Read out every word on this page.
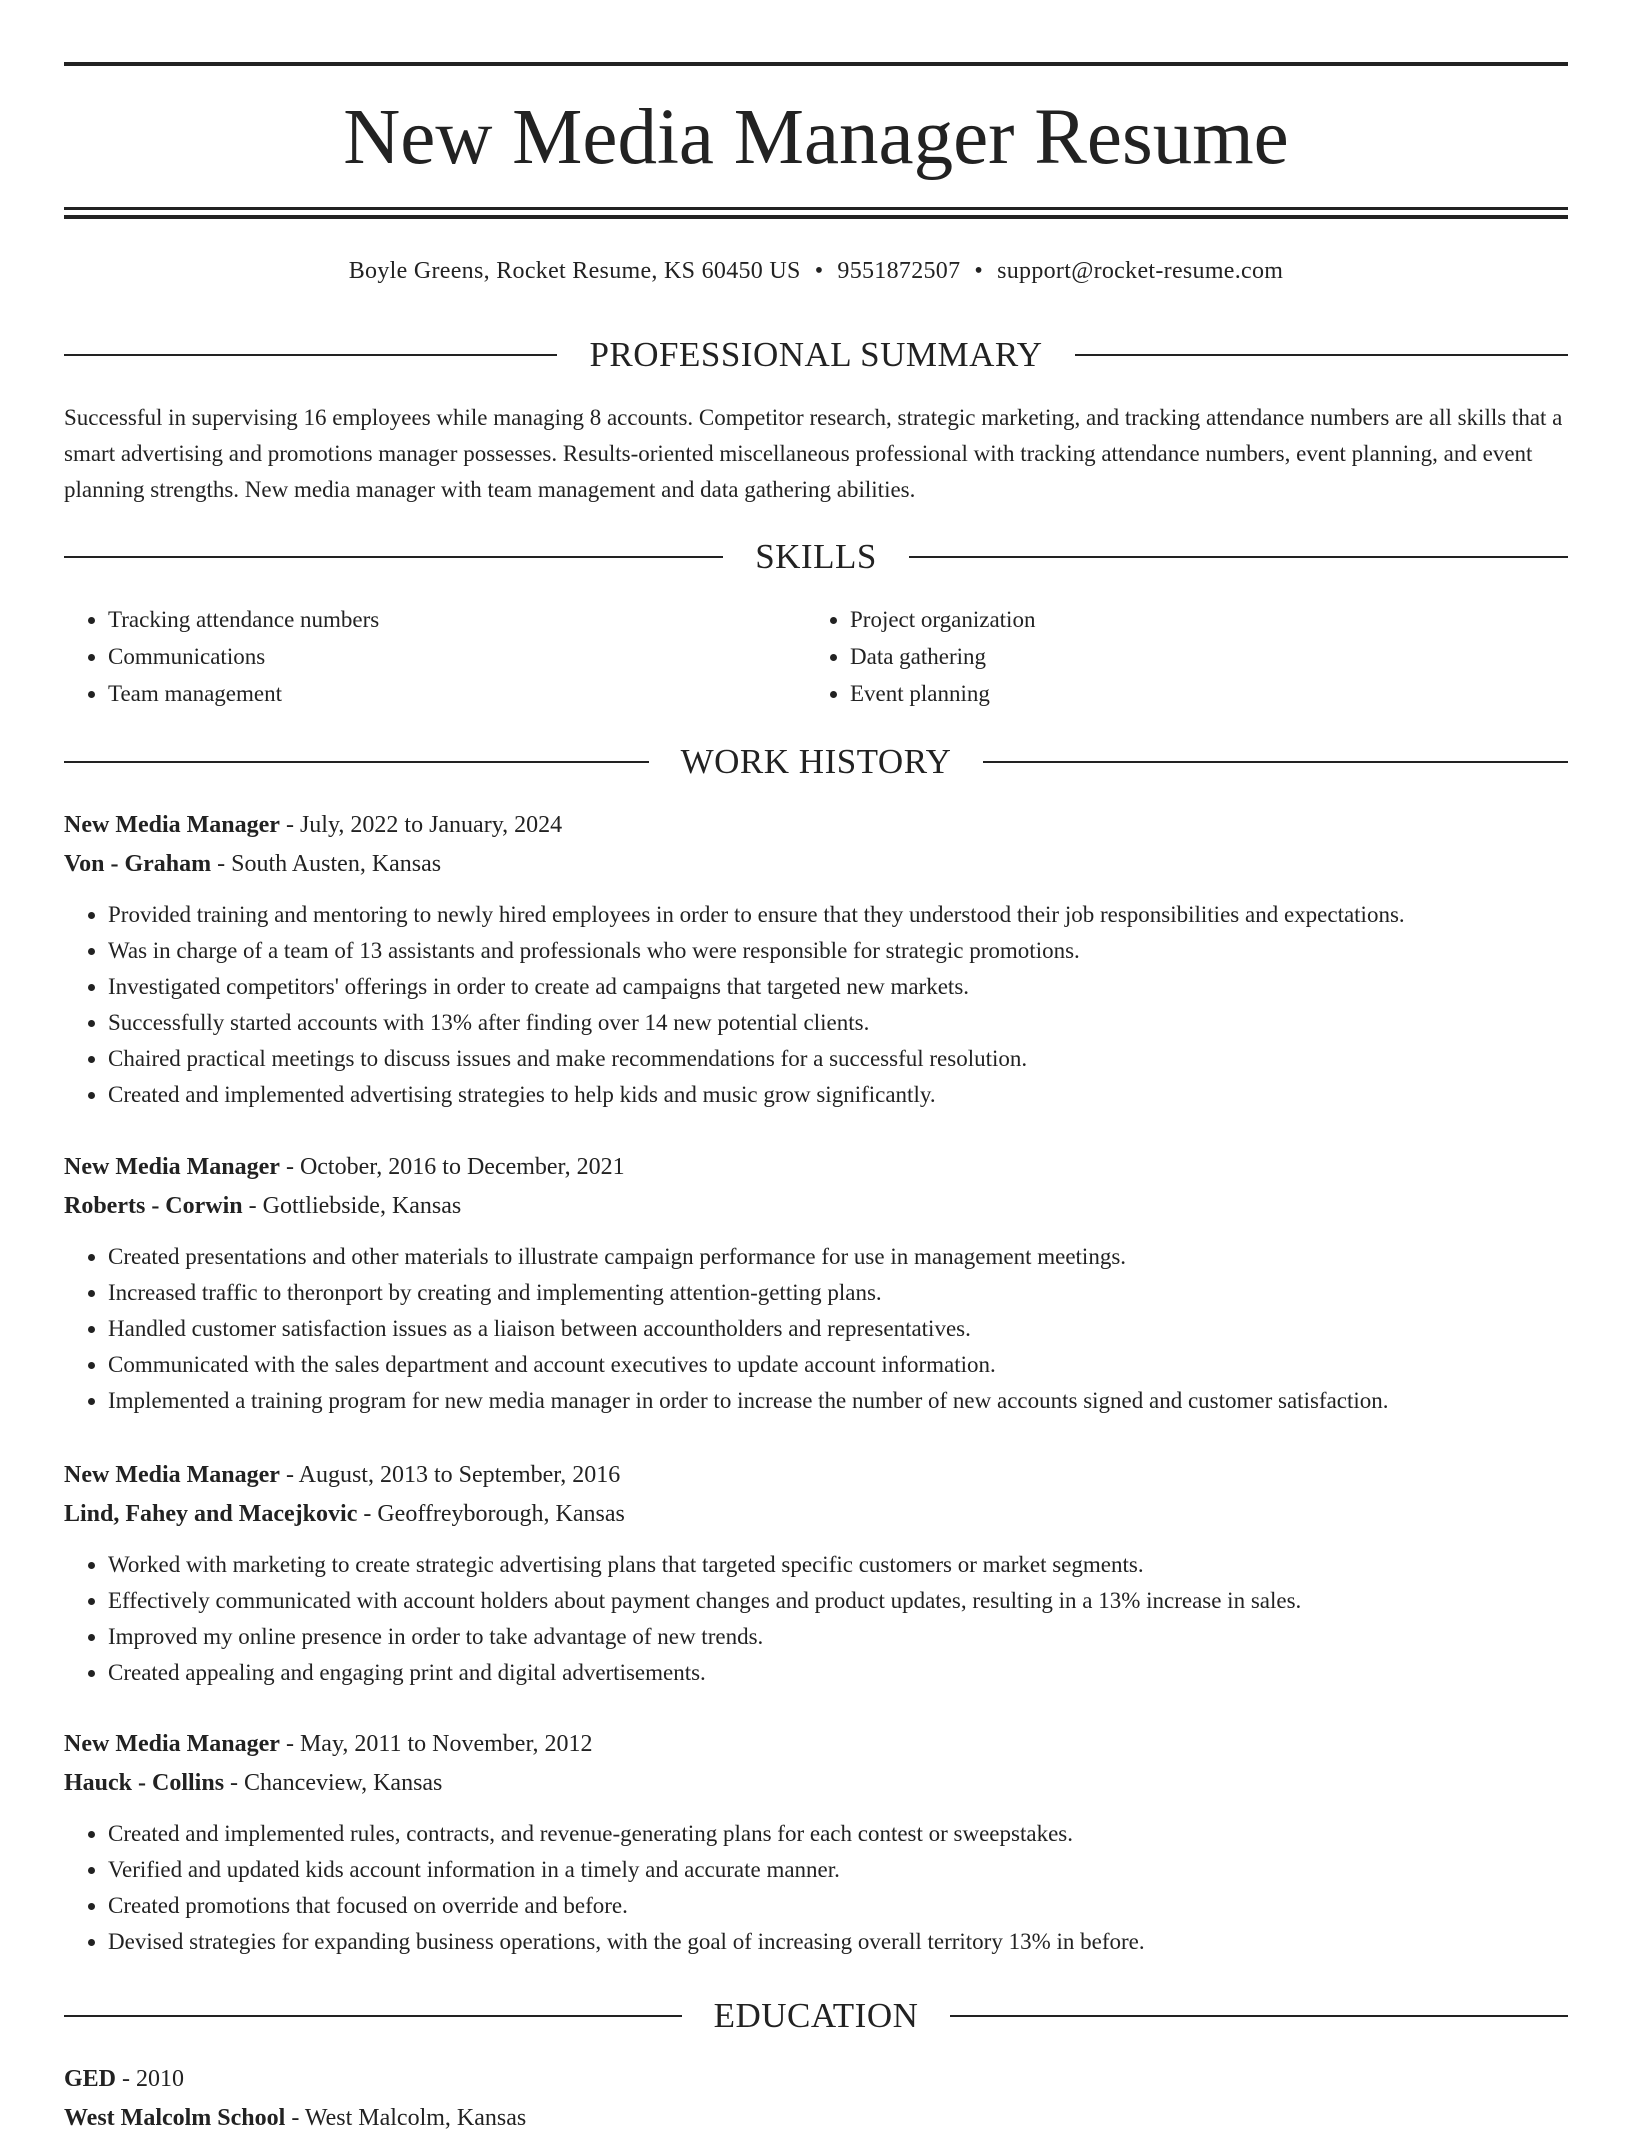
New Media Manager Resume
Boyle Greens, Rocket Resume, KS 60450 US • 9551872507 • support@rocket-resume.com
PROFESSIONAL SUMMARY

Successful in supervising 16 employees while managing 8 accounts. Competitor research, strategic marketing, and tracking attendance numbers are all skills that a smart advertising and promotions manager possesses. Results-oriented miscellaneous professional with tracking attendance numbers, event planning, and event planning strengths. New media manager with team management and data gathering abilities.

SKILLS
• Tracking attendance numbers
• Communications
• Team management
• Project organization
• Data gathering
• Event planning
WORK HISTORY
New Media Manager - July, 2022 to January, 2024
Von - Graham - South Austen, Kansas
• Provided training and mentoring to newly hired employees in order to ensure that they understood their job responsibilities and expectations.
• Was in charge of a team of 13 assistants and professionals who were responsible for strategic promotions.
• Investigated competitors' offerings in order to create ad campaigns that targeted new markets.
• Successfully started accounts with 13% after finding over 14 new potential clients.
• Chaired practical meetings to discuss issues and make recommendations for a successful resolution.
• Created and implemented advertising strategies to help kids and music grow significantly.
New Media Manager - October, 2016 to December, 2021
Roberts - Corwin - Gottliebside, Kansas
• Created presentations and other materials to illustrate campaign performance for use in management meetings.
• Increased traffic to theronport by creating and implementing attention-getting plans.
• Handled customer satisfaction issues as a liaison between accountholders and representatives.
• Communicated with the sales department and account executives to update account information.
• Implemented a training program for new media manager in order to increase the number of new accounts signed and customer satisfaction.
New Media Manager - August, 2013 to September, 2016
Lind, Fahey and Macejkovic - Geoffreyborough, Kansas
• Worked with marketing to create strategic advertising plans that targeted specific customers or market segments.
• Effectively communicated with account holders about payment changes and product updates, resulting in a 13% increase in sales.
• Improved my online presence in order to take advantage of new trends.
• Created appealing and engaging print and digital advertisements.
New Media Manager - May, 2011 to November, 2012
Hauck - Collins - Chanceview, Kansas
• Created and implemented rules, contracts, and revenue-generating plans for each contest or sweepstakes.
• Verified and updated kids account information in a timely and accurate manner.
• Created promotions that focused on override and before.
• Devised strategies for expanding business operations, with the goal of increasing overall territory 13% in before.
EDUCATION
GED - 2010
West Malcolm School - West Malcolm, Kansas
